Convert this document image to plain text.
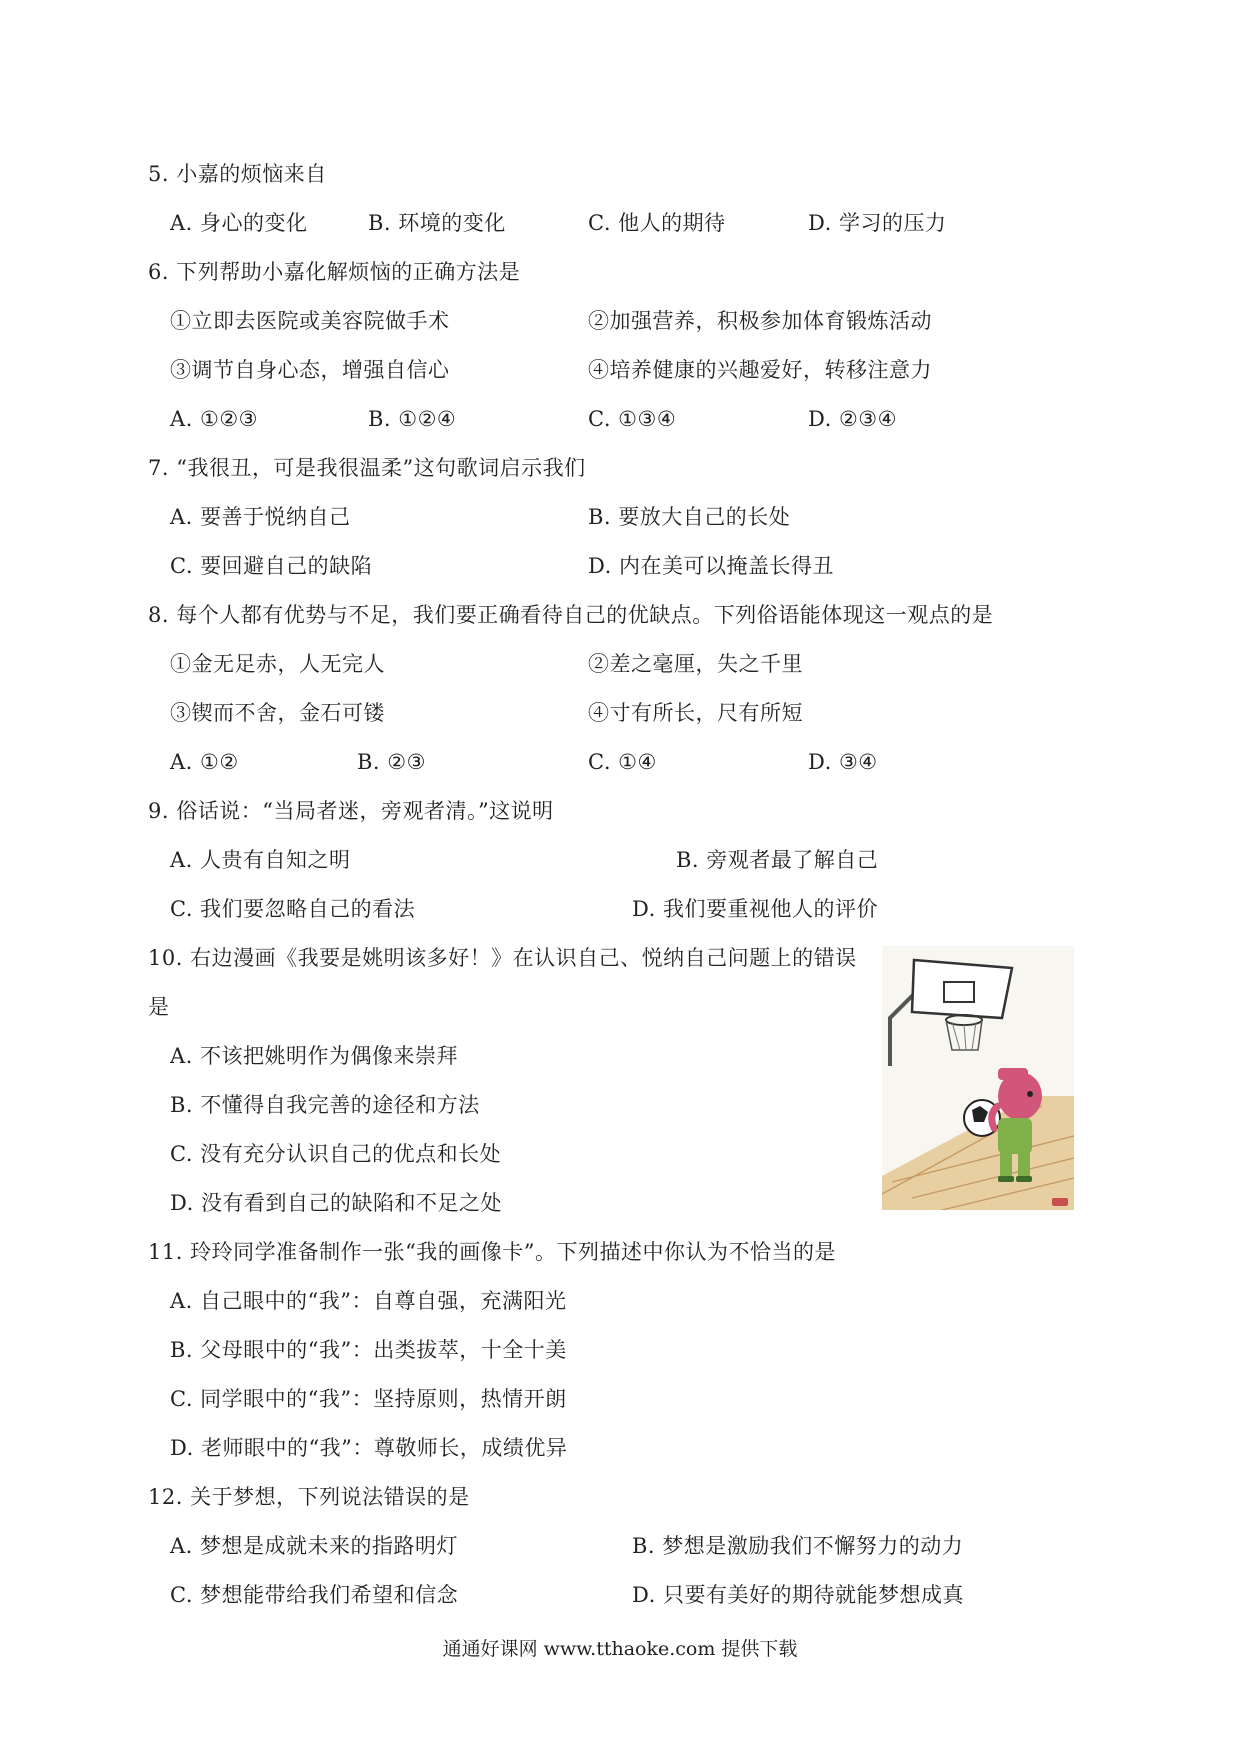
5. 小嘉的烦恼来自
A. 身心的变化	B. 环境的变化	C. 他人的期待	D. 学习的压力
6. 下列帮助小嘉化解烦恼的正确方法是
①立即去医院或美容院做手术	②加强营养，积极参加体育锻炼活动
③调节自身心态，增强自信心	④培养健康的兴趣爱好，转移注意力
A. ①②③	B. ①②④	C. ①③④	D. ②③④
7. “我很丑，可是我很温柔”这句歌词启示我们
A. 要善于悦纳自己	B. 要放大自己的长处
C. 要回避自己的缺陷	D. 内在美可以掩盖长得丑
8. 每个人都有优势与不足，我们要正确看待自己的优缺点。下列俗语能体现这一观点的是
①金无足赤，人无完人	②差之毫厘，失之千里
③锲而不舍，金石可镂	④寸有所长，尺有所短
A. ①②	B. ②③	C. ①④	D. ③④
9. 俗话说：“当局者迷，旁观者清。”这说明
A. 人贵有自知之明	B. 旁观者最了解自己
C. 我们要忽略自己的看法	D. 我们要重视他人的评价
10. 右边漫画《我要是姚明该多好！》在认识自己、悦纳自己问题上的错误
是
A. 不该把姚明作为偶像来崇拜
B. 不懂得自我完善的途径和方法
C. 没有充分认识自己的优点和长处
D. 没有看到自己的缺陷和不足之处
11. 玲玲同学准备制作一张“我的画像卡”。下列描述中你认为不恰当的是
A. 自己眼中的“我”：自尊自强，充满阳光
B. 父母眼中的“我”：出类拔萃，十全十美
C. 同学眼中的“我”：坚持原则，热情开朗
D. 老师眼中的“我”：尊敬师长，成绩优异
12. 关于梦想，下列说法错误的是
A. 梦想是成就未来的指路明灯	B. 梦想是激励我们不懈努力的动力
C. 梦想能带给我们希望和信念	D. 只要有美好的期待就能梦想成真
通通好课网 www.tthaoke.com 提供下载
